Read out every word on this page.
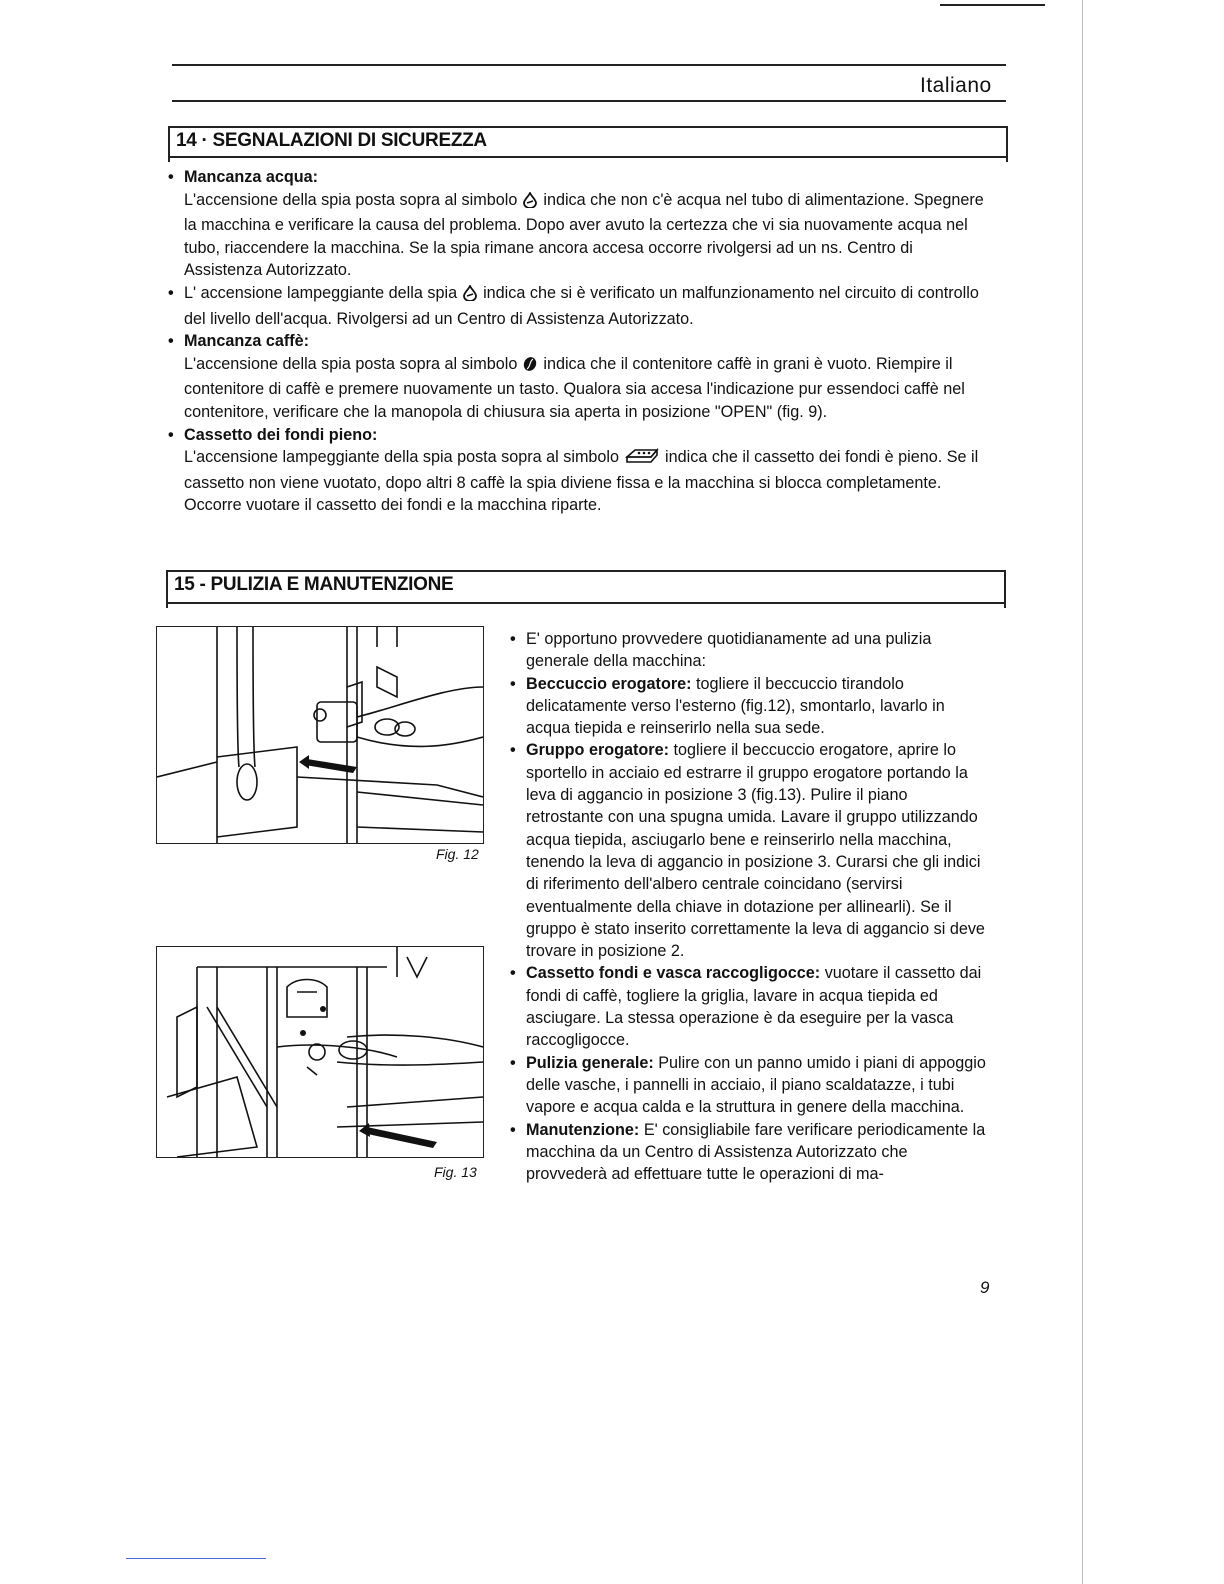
Italiano
14 · SEGNALAZIONI DI SICUREZZA
• Mancanza acqua:
L'accensione della spia posta sopra al simbolo indica che non c'è acqua nel tubo di alimentazione. Spegnere la macchina e verificare la causa del problema. Dopo aver avuto la certezza che vi sia nuovamente acqua nel tubo, riaccendere la macchina. Se la spia rimane ancora accesa occorre rivolgersi ad un ns. Centro di Assistenza Autorizzato.
• L' accensione lampeggiante della spia indica che si è verificato un malfunzionamento nel circuito di controllo del livello dell'acqua. Rivolgersi ad un Centro di Assistenza Autorizzato.
• Mancanza caffè:
L'accensione della spia posta sopra al simbolo indica che il contenitore caffè in grani è vuoto. Riempire il contenitore di caffè e premere nuovamente un tasto. Qualora sia accesa l'indicazione pur essendoci caffè nel contenitore, verificare che la manopola di chiusura sia aperta in posizione "OPEN" (fig. 9).
• Cassetto dei fondi pieno:
L'accensione lampeggiante della spia posta sopra al simbolo	indica che il cassetto dei fondi è pieno. Se il cassetto non viene vuotato, dopo altri 8 caffè la spia diviene fissa e la macchina si blocca completamente. Occorre vuotare il cassetto dei fondi e la macchina riparte.
15 - PULIZIA E MANUTENZIONE
Fig. 12
Fig. 13
• E' opportuno provvedere quotidianamente ad una pulizia generale della macchina:
• Beccuccio erogatore: togliere il beccuccio tirandolo delicatamente verso l'esterno (fig.12), smontarlo, lavarlo in acqua tiepida e reinserirlo nella sua sede.
• Gruppo erogatore: togliere il beccuccio erogatore, aprire lo sportello in acciaio ed estrarre il gruppo erogatore portando la leva di aggancio in posizione 3 (fig.13). Pulire il piano retrostante con una spugna umida. Lavare il gruppo utilizzando acqua tiepida, asciugarlo bene e reinserirlo nella macchina, tenendo la leva di aggancio in posizione 3. Curarsi che gli indici di riferimento dell'albero centrale coincidano (servirsi eventualmente della chiave in dotazione per allinearli). Se il gruppo è stato inserito correttamente la leva di aggancio si deve trovare in posizione 2.
• Cassetto fondi e vasca raccogligocce: vuotare il cassetto dai fondi di caffè, togliere la griglia, lavare in acqua tiepida ed asciugare. La stessa operazione è da eseguire per la vasca raccogligocce.
• Pulizia generale: Pulire con un panno umido i piani di appoggio delle vasche, i pannelli in acciaio, il piano scaldatazze, i tubi vapore e acqua calda e la struttura in genere della macchina.
• Manutenzione: E' consigliabile fare verificare periodicamente la macchina da un Centro di Assistenza Autorizzato che provvederà ad effettuare tutte le operazioni di ma-
9
